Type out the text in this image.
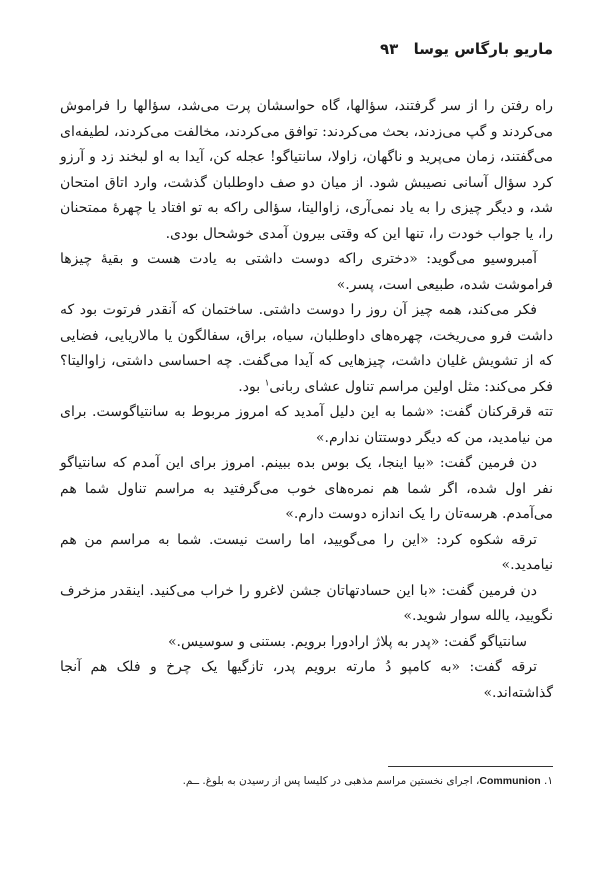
ماریو بارگاس یوسا ۹۳

راه رفتن را از سر گرفتند، سؤالها، گاه حواسشان پرت می‌شد، سؤالها را فراموش می‌کردند و گپ می‌زدند، بحث می‌کردند: توافق می‌کردند، مخالفت می‌کردند، لطیفه‌ای می‌گفتند، زمان می‌پرید و ناگهان، زاولا، سانتیاگو! عجله کن، آیدا به او لبخند زد و آرزو کرد سؤال آسانی نصیبش شود. از میان دو صف داوطلبان گذشت، وارد اتاق امتحان شد، و دیگر چیزی را به یاد نمی‌آری، زاوالیتا، سؤالی راکه به تو افتاد یا چهرهٔ ممتحنان را، یا جواب خودت را، تنها این که وقتی بیرون آمدی خوشحال بودی.

آمبروسیو می‌گوید: «دختری راکه دوست داشتی به یادت هست و بقیهٔ چیزها فراموشت شده، طبیعی است، پسر.»

فکر می‌کند، همه چیز آن روز را دوست داشتی. ساختمان که آنقدر فرتوت بود که داشت فرو می‌ریخت، چهره‌های داوطلبان، سیاه، براق، سفالگون یا مالاریایی، فضایی که از تشویش غلیان داشت، چیزهایی که آیدا می‌گفت. چه احساسی داشتی، زاوالیتا؟ فکر می‌کند: مثل اولین مراسم تناول عشای ربانی$^۱$ بود.

تته قرقرکنان گفت: «شما به این دلیل آمدید که امروز مربوط به سانتیاگوست. برای من نیامدید، من که دیگر دوستتان ندارم.»

دن فرمین گفت: «بیا اینجا، یک بوس بده ببینم. امروز برای این آمدم که سانتیاگو نفر اول شده، اگر شما هم نمره‌های خوب می‌گرفتید به مراسم تناول شما هم می‌آمدم. هرسه‌تان را یک اندازه دوست دارم.»

ترقه شکوه کرد: «این را می‌گویید، اما راست نیست. شما به مراسم من هم نیامدید.»

دن فرمین گفت: «با این حسادتهاتان جشن لاغرو را خراب می‌کنید. اینقدر مزخرف نگویید، یالله سوار شوید.»

سانتیاگو گفت: «پدر به پلاژ ارادورا برویم. بستنی و سوسیس.»

ترقه گفت: «به کامپو دُ مارته برویم پدر، تازگیها یک چرخ و فلک هم آنجا گذاشته‌اند.»

۱. Communion، اجرای نخستین مراسم مذهبی در کلیسا پس از رسیدن به بلوغ. ــم.
